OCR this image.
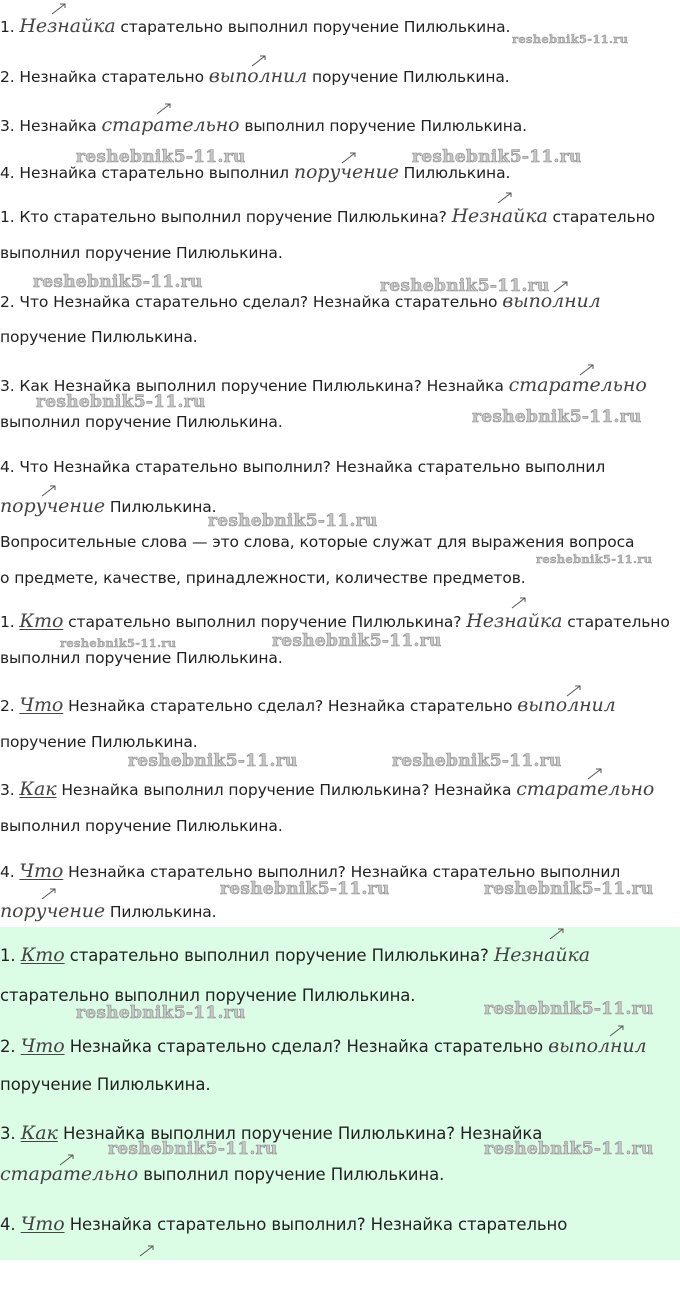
1. Незнайка старательно выполнил поручение Пилюлькина.
2. Незнайка старательно выполнил поручение Пилюлькина.
3. Незнайка старательно выполнил поручение Пилюлькина.
4. Незнайка старательно выполнил поручение Пилюлькина.
1. Кто старательно выполнил поручение Пилюлькина? Незнайка старательно
выполнил поручение Пилюлькина.
2. Что Незнайка старательно сделал? Незнайка старательно выполнил
поручение Пилюлькина.
3. Как Незнайка выполнил поручение Пилюлькина? Незнайка старательно
выполнил поручение Пилюлькина.
4. Что Незнайка старательно выполнил? Незнайка старательно выполнил
поручение Пилюлькина.
Вопросительные слова — это слова, которые служат для выражения вопроса
о предмете, качестве, принадлежности, количестве предметов.
1. Кто старательно выполнил поручение Пилюлькина? Незнайка старательно
выполнил поручение Пилюлькина.
2. Что Незнайка старательно сделал? Незнайка старательно выполнил
поручение Пилюлькина.
3. Как Незнайка выполнил поручение Пилюлькина? Незнайка старательно
выполнил поручение Пилюлькина.
4. Что Незнайка старательно выполнил? Незнайка старательно выполнил
поручение Пилюлькина.
1. Кто старательно выполнил поручение Пилюлькина? Незнайка
старательно выполнил поручение Пилюлькина.
2. Что Незнайка старательно сделал? Незнайка старательно выполнил
поручение Пилюлькина.
3. Как Незнайка выполнил поручение Пилюлькина? Незнайка
старательно выполнил поручение Пилюлькина.
4. Что Незнайка старательно выполнил? Незнайка старательно
reshebnik5-11.ru
reshebnik5-11.ru	reshebnik5-11.ru
reshebnik5-11.ru	reshebnik5-11.ru
reshebnik5-11.ru
reshebnik5-11.ru
reshebnik5-11.ru
reshebnik5-11.ru
reshebnik5-11.ru	reshebnik5-11.ru
reshebnik5-11.ru	reshebnik5-11.ru
reshebnik5-11.ru	reshebnik5-11.ru
reshebnik5-11.ru	reshebnik5-11.ru
reshebnik5-11.ru	reshebnik5-11.ru
